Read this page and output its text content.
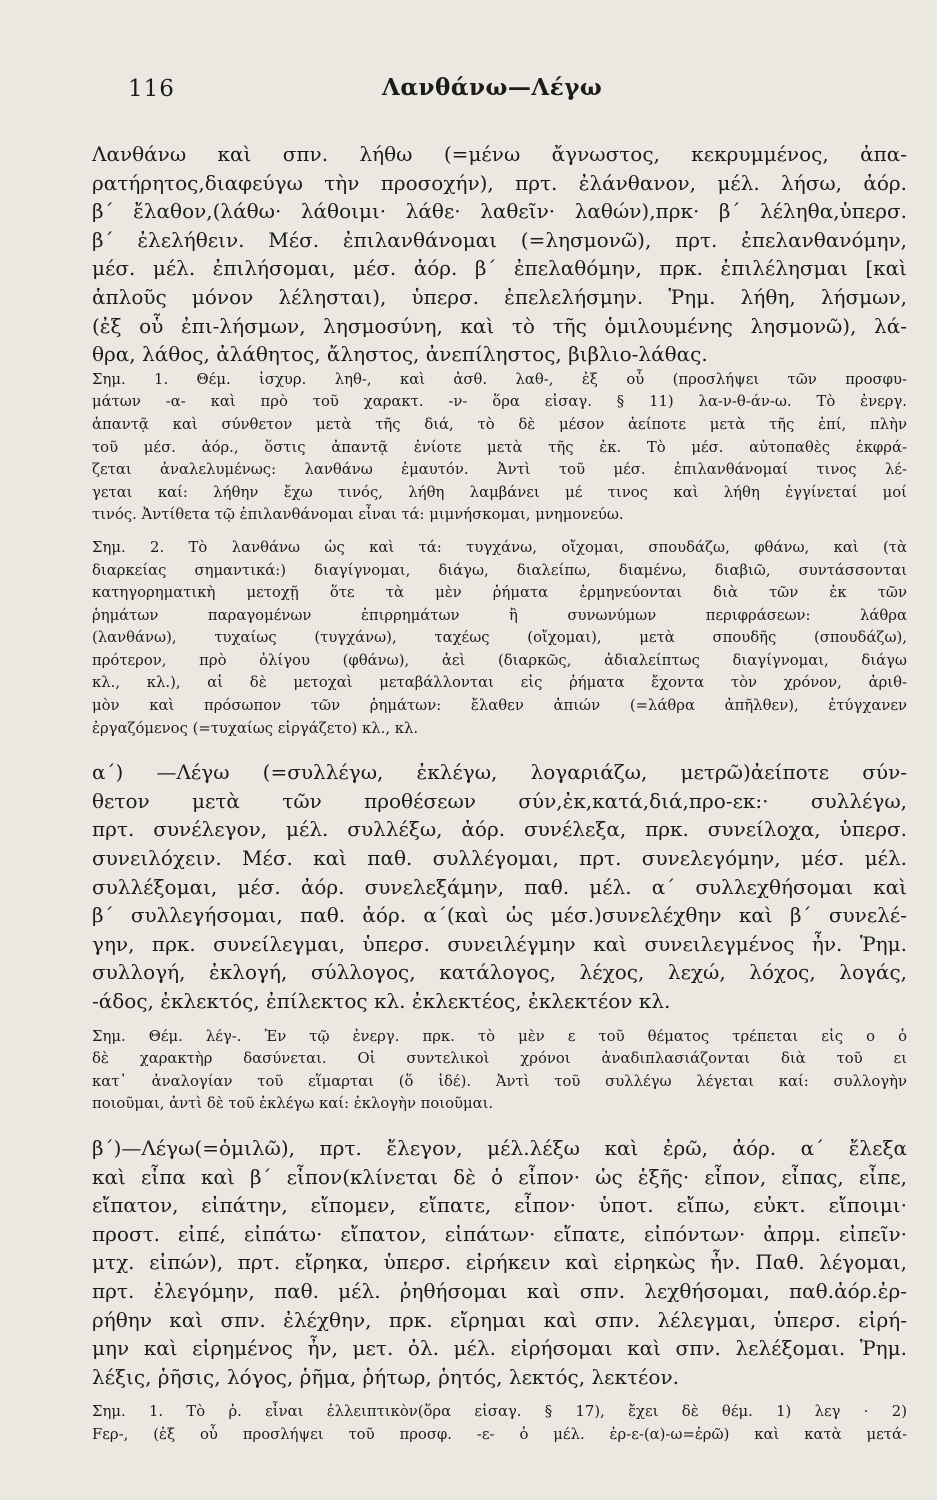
116	Λανθάνω—Λέγω
Λανθάνω καὶ σπν. λήθω (=μένω ἄγνωστος, κεκρυμμένος, ἀπα-
ρατήρητος,διαφεύγω τὴν προσοχήν), πρτ. ἐλάνθανον, μέλ. λήσω, ἀόρ.
β΄ ἔλαθον,(λάθω· λάθοιμι· λάθε· λαθεῖν· λαθών),πρκ· β΄ λέληθα,ὑπερσ.
β΄ ἐλελήθειν. Μέσ. ἐπιλανθάνομαι (=λησμονῶ), πρτ. ἐπελανθανόμην,
μέσ. μέλ. ἐπιλήσομαι, μέσ. ἀόρ. β΄ ἐπελαθόμην, πρκ. ἐπιλέλησμαι [καὶ
ἁπλοῦς μόνον λέλησται), ὑπερσ. ἐπελελήσμην. Ῥημ. λήθη, λήσμων,
(ἐξ οὗ ἐπι-λήσμων, λησμοσύνη, καὶ τὸ τῆς ὁμιλουμένης λησμονῶ), λά-
θρα, λάθος, ἀλάθητος, ἄληστος, ἀνεπίληστος, βιβλιο-λάθας.
Σημ. 1. Θέμ. ἰσχυρ. ληθ-, καὶ ἀσθ. λαθ-, ἐξ οὗ (προσλήψει τῶν προσφυ-
μάτων -α- καὶ πρὸ τοῦ χαρακτ. -ν- ὅρα εἰσαγ. § 11) λα-ν-θ-άν-ω. Τὸ ἐνεργ.
ἁπαντᾷ καὶ σύνθετον μετὰ τῆς διά, τὸ δὲ μέσον ἀείποτε μετὰ τῆς ἐπί, πλὴν
τοῦ μέσ. ἀόρ., ὅστις ἀπαντᾷ ἐνίοτε μετὰ τῆς ἐκ. Τὸ μέσ. αὐτοπαθὲς ἐκφρά-
ζεται ἀναλελυμένως: λανθάνω ἐμαυτόν. Ἀντὶ τοῦ μέσ. ἐπιλανθάνομαί τινος λέ-
γεται καί: λήθην ἔχω τινός, λήθη λαμβάνει μέ τινος καὶ λήθη ἐγγίνεταί μοί
τινός. Ἀντίθετα τῷ ἐπιλανθάνομαι εἶναι τά: μιμνήσκομαι, μνημονεύω.
Σημ. 2. Τὸ λανθάνω ὡς καὶ τά: τυγχάνω, οἴχομαι, σπουδάζω, φθάνω, καὶ (τὰ
διαρκείας σημαντικά:) διαγίγνομαι, διάγω, διαλείπω, διαμένω, διαβιῶ, συντάσσονται
κατηγορηματικὴ μετοχῇ ὅτε τὰ μὲν ῥήματα ἑρμηνεύονται διὰ τῶν ἐκ τῶν
ῥημάτων παραγομένων ἐπιρρημάτων ἢ συνωνύμων περιφράσεων: λάθρα
(λανθάνω), τυχαίως (τυγχάνω), ταχέως (οἴχομαι), μετὰ σπουδῆς (σπουδάζω),
πρότερον, πρὸ ὀλίγου (φθάνω), ἀεὶ (διαρκῶς, ἀδιαλείπτως διαγίγνομαι, διάγω
κλ., κλ.), αἱ δὲ μετοχαὶ μεταβάλλονται εἰς ῥήματα ἔχοντα τὸν χρόνον, ἀριθ-
μὸν καὶ πρόσωπον τῶν ῥημάτων: ἔλαθεν ἀπιών (=λάθρα ἀπῆλθεν), ἐτύγχανεν
ἐργαζόμενος (=τυχαίως εἰργάζετο) κλ., κλ.
α΄) —Λέγω (=συλλέγω, ἐκλέγω, λογαριάζω, μετρῶ)ἀείποτε σύν-
θετον μετὰ τῶν προθέσεων σύν,ἐκ,κατά,διά,προ-εκ:· συλλέγω,
πρτ. συνέλεγον, μέλ. συλλέξω, ἀόρ. συνέλεξα, πρκ. συνείλοχα, ὑπερσ.
συνειλόχειν. Μέσ. καὶ παθ. συλλέγομαι, πρτ. συνελεγόμην, μέσ. μέλ.
συλλέξομαι, μέσ. ἀόρ. συνελεξάμην, παθ. μέλ. α΄ συλλεχθήσομαι καὶ
β΄ συλλεγήσομαι, παθ. ἀόρ. α΄(καὶ ὡς μέσ.)συνελέχθην καὶ β΄ συνελέ-
γην, πρκ. συνείλεγμαι, ὑπερσ. συνειλέγμην καὶ συνειλεγμένος ἦν. Ῥημ.
συλλογή, ἐκλογή, σύλλογος, κατάλογος, λέχος, λεχώ, λόχος, λογάς,
-άδος, ἐκλεκτός, ἐπίλεκτος κλ. ἐκλεκτέος, ἐκλεκτέον κλ.
Σημ. Θέμ. λέγ-. Ἐν τῷ ἐνεργ. πρκ. τὸ μὲν ε τοῦ θέματος τρέπεται εἰς ο ὁ
δὲ χαρακτὴρ δασύνεται. Οἱ συντελικοὶ χρόνοι ἀναδιπλασιάζονται διὰ τοῦ ει
κατ᾿ ἀναλογίαν τοῦ εἵμαρται (ὅ ἰδέ). Ἀντὶ τοῦ συλλέγω λέγεται καί: συλλογὴν
ποιοῦμαι, ἀντὶ δὲ τοῦ ἐκλέγω καί: ἐκλογὴν ποιοῦμαι.
β΄)—Λέγω(=ὁμιλῶ), πρτ. ἔλεγον, μέλ.λέξω καὶ ἐρῶ, ἀόρ. α΄ ἔλεξα
καὶ εἶπα καὶ β΄ εἶπον(κλίνεται δὲ ὁ εἶπον· ὡς ἑξῆς· εἶπον, εἶπας, εἶπε,
εἴπατον, εἰπάτην, εἴπομεν, εἴπατε, εἶπον· ὑποτ. εἴπω, εὐκτ. εἴποιμι·
προστ. εἰπέ, εἰπάτω· εἴπατον, εἰπάτων· εἴπατε, εἰπόντων· ἀπρμ. εἰπεῖν·
μτχ. εἰπών), πρτ. εἴρηκα, ὑπερσ. εἰρήκειν καὶ εἰρηκὼς ἦν. Παθ. λέγομαι,
πρτ. ἐλεγόμην, παθ. μέλ. ῥηθήσομαι καὶ σπν. λεχθήσομαι, παθ.ἀόρ.ἐρ-
ρήθην καὶ σπν. ἐλέχθην, πρκ. εἴρημαι καὶ σπν. λέλεγμαι, ὑπερσ. εἰρή-
μην καὶ εἰρημένος ἦν, μετ. ὀλ. μέλ. εἰρήσομαι καὶ σπν. λελέξομαι. Ῥημ.
λέξις, ῥῆσις, λόγος, ῥῆμα, ῥήτωρ, ῥητός, λεκτός, λεκτέον.
Σημ. 1. Τὸ ῥ. εἶναι ἐλλειπτικὸν(ὅρα εἰσαγ. § 17), ἔχει δὲ θέμ. 1) λεγ · 2)
Fερ-, (ἐξ οὗ προσλήψει τοῦ προσφ. -ε- ὁ μέλ. ἐρ-ε-(α)-ω=ἐρῶ) καὶ κατὰ μετά-
